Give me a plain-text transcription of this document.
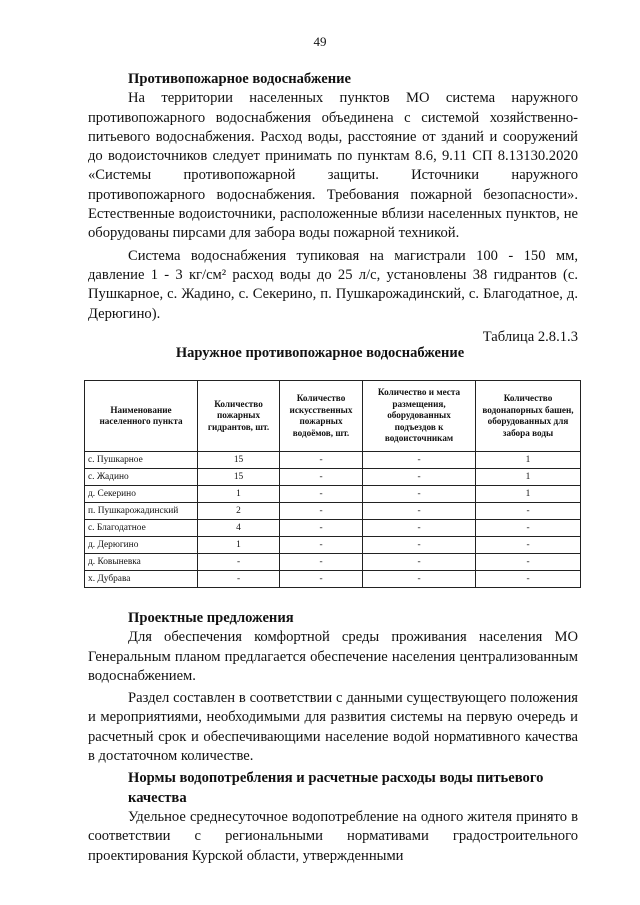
49
Противопожарное водоснабжение

На территории населенных пунктов МО система наружного противопожарного водоснабжения объединена с системой хозяйственно-питьевого водоснабжения. Расход воды, расстояние от зданий и сооружений до водоисточников следует принимать по пунктам 8.6, 9.11 СП 8.13130.2020 «Системы противопожарной защиты. Источники наружного противопожарного водоснабжения. Требования пожарной безопасности». Естественные водоисточники, расположенные вблизи населенных пунктов, не оборудованы пирсами для забора воды пожарной техникой.

Система водоснабжения тупиковая на магистрали 100 - 150 мм, давление 1 - 3 кг/см² расход воды до 25 л/с, установлены 38 гидрантов (с. Пушкарное, с. Жадино, с. Секерино, п. Пушкарожадинский, с. Благодатное, д. Дерюгино).

Таблица 2.8.1.3

Наружное противопожарное водоснабжение
Наименование населенного пункта	Количество пожарных гидрантов, шт.	Количество искусственных пожарных водоёмов, шт.	Количество и места размещения, оборудованных подъездов к водоисточникам	Количество водонапорных башен, оборудованных для забора воды
с. Пушкарное	15	-	-	1
с. Жадино	15	-	-	1
д. Секерино	1	-	-	1
п. Пушкарожадинский	2	-	-	-
с. Благодатное	4	-	-	-
д. Дерюгино	1	-	-	-
д. Ковыневка	-	-	-	-
х. Дубрава	-	-	-	-
Проектные предложения

Для обеспечения комфортной среды проживания населения МО Генеральным планом предлагается обеспечение населения централизованным водоснабжением.

Раздел составлен в соответствии с данными существующего положения и мероприятиями, необходимыми для развития системы на первую очередь и расчетный срок и обеспечивающими население водой нормативного качества в достаточном количестве.

Нормы водопотребления и расчетные расходы воды питьевого качества

Удельное среднесуточное водопотребление на одного жителя принято в соответствии с региональными нормативами градостроительного проектирования Курской области, утвержденными
